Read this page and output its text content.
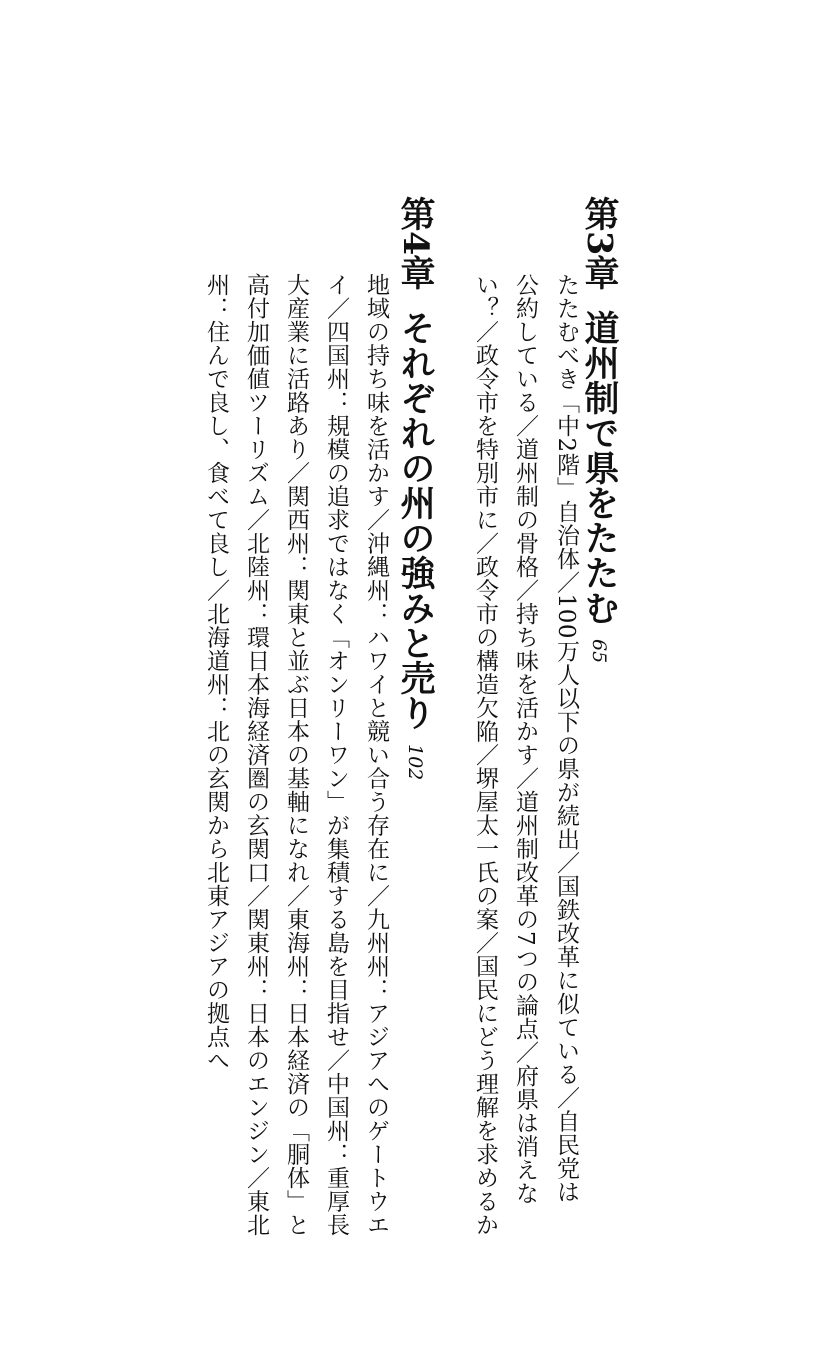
第3章道州制で県をたたむ65
たたむべき「中2階」自治体／100万人以下の県が続出／国鉄改革に似ている／自民党は
公約している／道州制の骨格／持ち味を活かす／道州制改革の7つの論点／府県は消えな
い？／政令市を特別市に／政令市の構造欠陥／堺屋太一氏の案／国民にどう理解を求めるか
第4章それぞれの州の強みと売り102
地域の持ち味を活かす／沖縄州：ハワイと競い合う存在に／九州州：アジアへのゲートウエ
イ／四国州：規模の追求ではなく「オンリーワン」が集積する島を目指せ／中国州：重厚長
大産業に活路あり／関西州：関東と並ぶ日本の基軸になれ／東海州：日本経済の「胴体」と
高付加価値ツーリズム／北陸州：環日本海経済圏の玄関口／関東州：日本のエンジン／東北
州：住んで良し、食べて良し／北海道州：北の玄関から北東アジアの拠点へ
